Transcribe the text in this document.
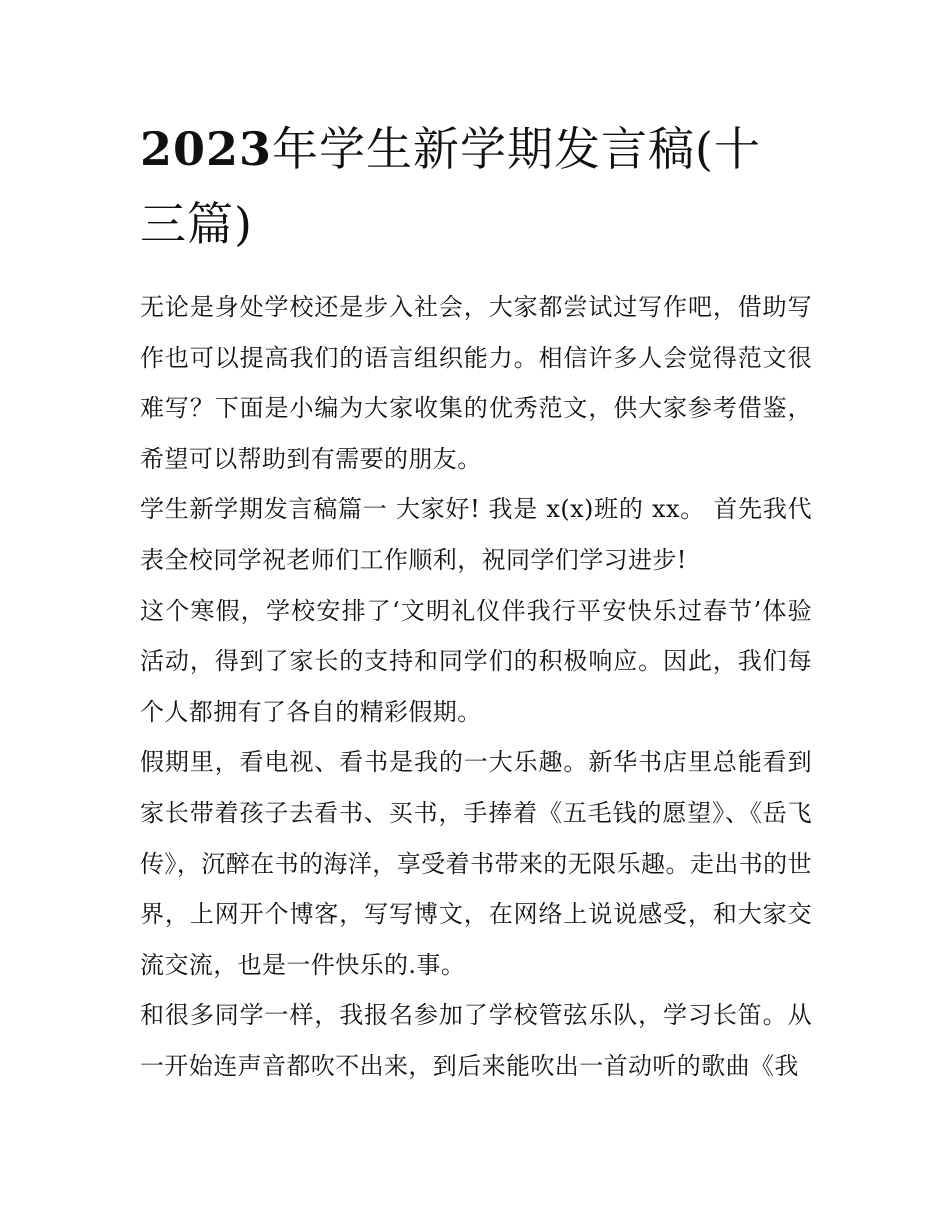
2023年学生新学期发言稿(十三篇)

无论是身处学校还是步入社会，大家都尝试过写作吧，借助写作也可以提高我们的语言组织能力。相信许多人会觉得范文很难写？下面是小编为大家收集的优秀范文，供大家参考借鉴，希望可以帮助到有需要的朋友。

学生新学期发言稿篇一 大家好! 我是 x(x)班的 xx。 首先我代表全校同学祝老师们工作顺利，祝同学们学习进步!

这个寒假，学校安排了‘文明礼仪伴我行平安快乐过春节’体验活动，得到了家长的支持和同学们的积极响应。因此，我们每个人都拥有了各自的精彩假期。

假期里，看电视、看书是我的一大乐趣。新华书店里总能看到家长带着孩子去看书、买书，手捧着《五毛钱的愿望》、《岳飞传》，沉醉在书的海洋，享受着书带来的无限乐趣。走出书的世界，上网开个博客，写写博文，在网络上说说感受，和大家交流交流，也是一件快乐的.事。

和很多同学一样，我报名参加了学校管弦乐队，学习长笛。从一开始连声音都吹不出来，到后来能吹出一首动听的歌曲《我
